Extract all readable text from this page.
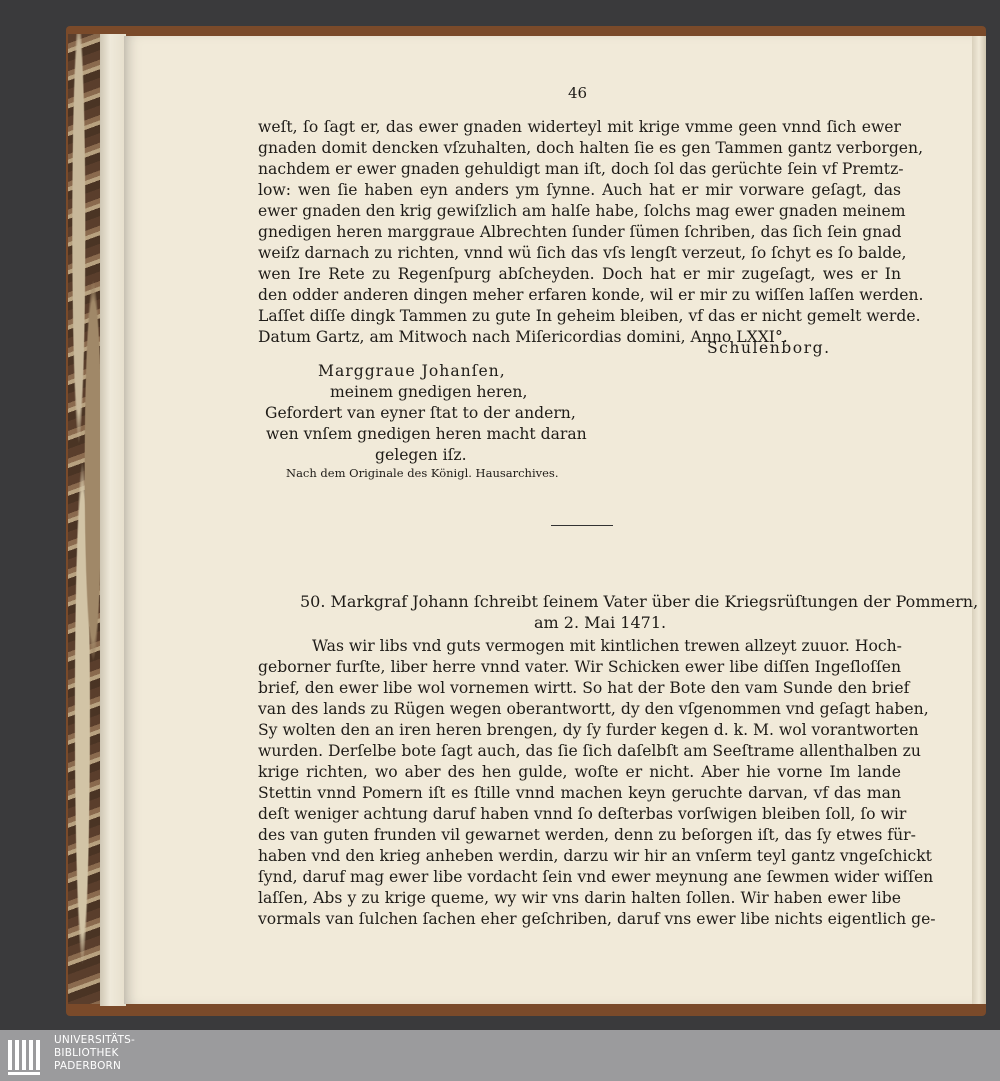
46
weſt, ſo ſagt er, das ewer gnaden widerteyl mit krige vmme geen vnnd ſich ewer
gnaden domit dencken vſzuhalten, doch halten ſie es gen Tammen gantz verborgen,
nachdem er ewer gnaden gehuldigt man iſt, doch ſol das gerüchte ſein vf Premtz-
low: wen ſie haben eyn anders ym ſynne. Auch hat er mir vorware geſagt, das
ewer gnaden den krig gewiſzlich am halſe habe, ſolchs mag ewer gnaden meinem
gnedigen heren marggraue Albrechten ſunder ſümen ſchriben, das ſich ſein gnad
weiſz darnach zu richten, vnnd wü ſich das vſs lengſt verzeut, ſo ſchyt es ſo balde,
wen Ire Rete zu Regenſpurg abſcheyden. Doch hat er mir zugeſagt, wes er In
den odder anderen dingen meher erfaren konde, wil er mir zu wiſſen laſſen werden.
Laſſet diſſe dingk Tammen zu gute In geheim bleiben, vf das er nicht gemelt werde.
Datum Gartz, am Mitwoch nach Miſericordias domini, Anno LXXI°.
Schulenborg.
Marggraue Johanſen,
meinem gnedigen heren,
Gefordert van eyner ſtat to der andern,
wen vnſem gnedigen heren macht daran
gelegen iſz.
Nach dem Originale des Königl. Hausarchives.
50. Markgraf Johann ſchreibt ſeinem Vater über die Kriegsrüſtungen der Pommern,
am 2. Mai 1471.
Was wir libs vnd guts vermogen mit kintlichen trewen allzeyt zuuor. Hoch-
geborner furſte, liber herre vnnd vater. Wir Schicken ewer libe diſſen Ingeſloſſen
brief, den ewer libe wol vornemen wirtt. So hat der Bote den vam Sunde den brief
van des lands zu Rügen wegen oberantwortt, dy den vſgenommen vnd geſagt haben,
Sy wolten den an iren heren brengen, dy ſy furder kegen d. k. M. wol vorantworten
wurden. Derſelbe bote ſagt auch, das ſie ſich daſelbſt am Seeſtrame allenthalben zu
krige richten, wo aber des hen gulde, woſte er nicht. Aber hie vorne Im lande
Stettin vnnd Pomern iſt es ſtille vnnd machen keyn geruchte darvan, vf das man
deſt weniger achtung daruf haben vnnd ſo deſterbas vorſwigen bleiben ſoll, ſo wir
des van guten frunden vil gewarnet werden, denn zu beſorgen iſt, das ſy etwes für-
haben vnd den krieg anheben werdin, darzu wir hir an vnſerm teyl gantz vngeſchickt
ſynd, daruf mag ewer libe vordacht ſein vnd ewer meynung ane ſewmen wider wiſſen
laſſen, Abs y zu krige queme, wy wir vns darin halten ſollen. Wir haben ewer libe
vormals van ſulchen ſachen eher geſchriben, daruf vns ewer libe nichts eigentlich ge-
UNIVERSITÄTS-
BIBLIOTHEK
PADERBORN
